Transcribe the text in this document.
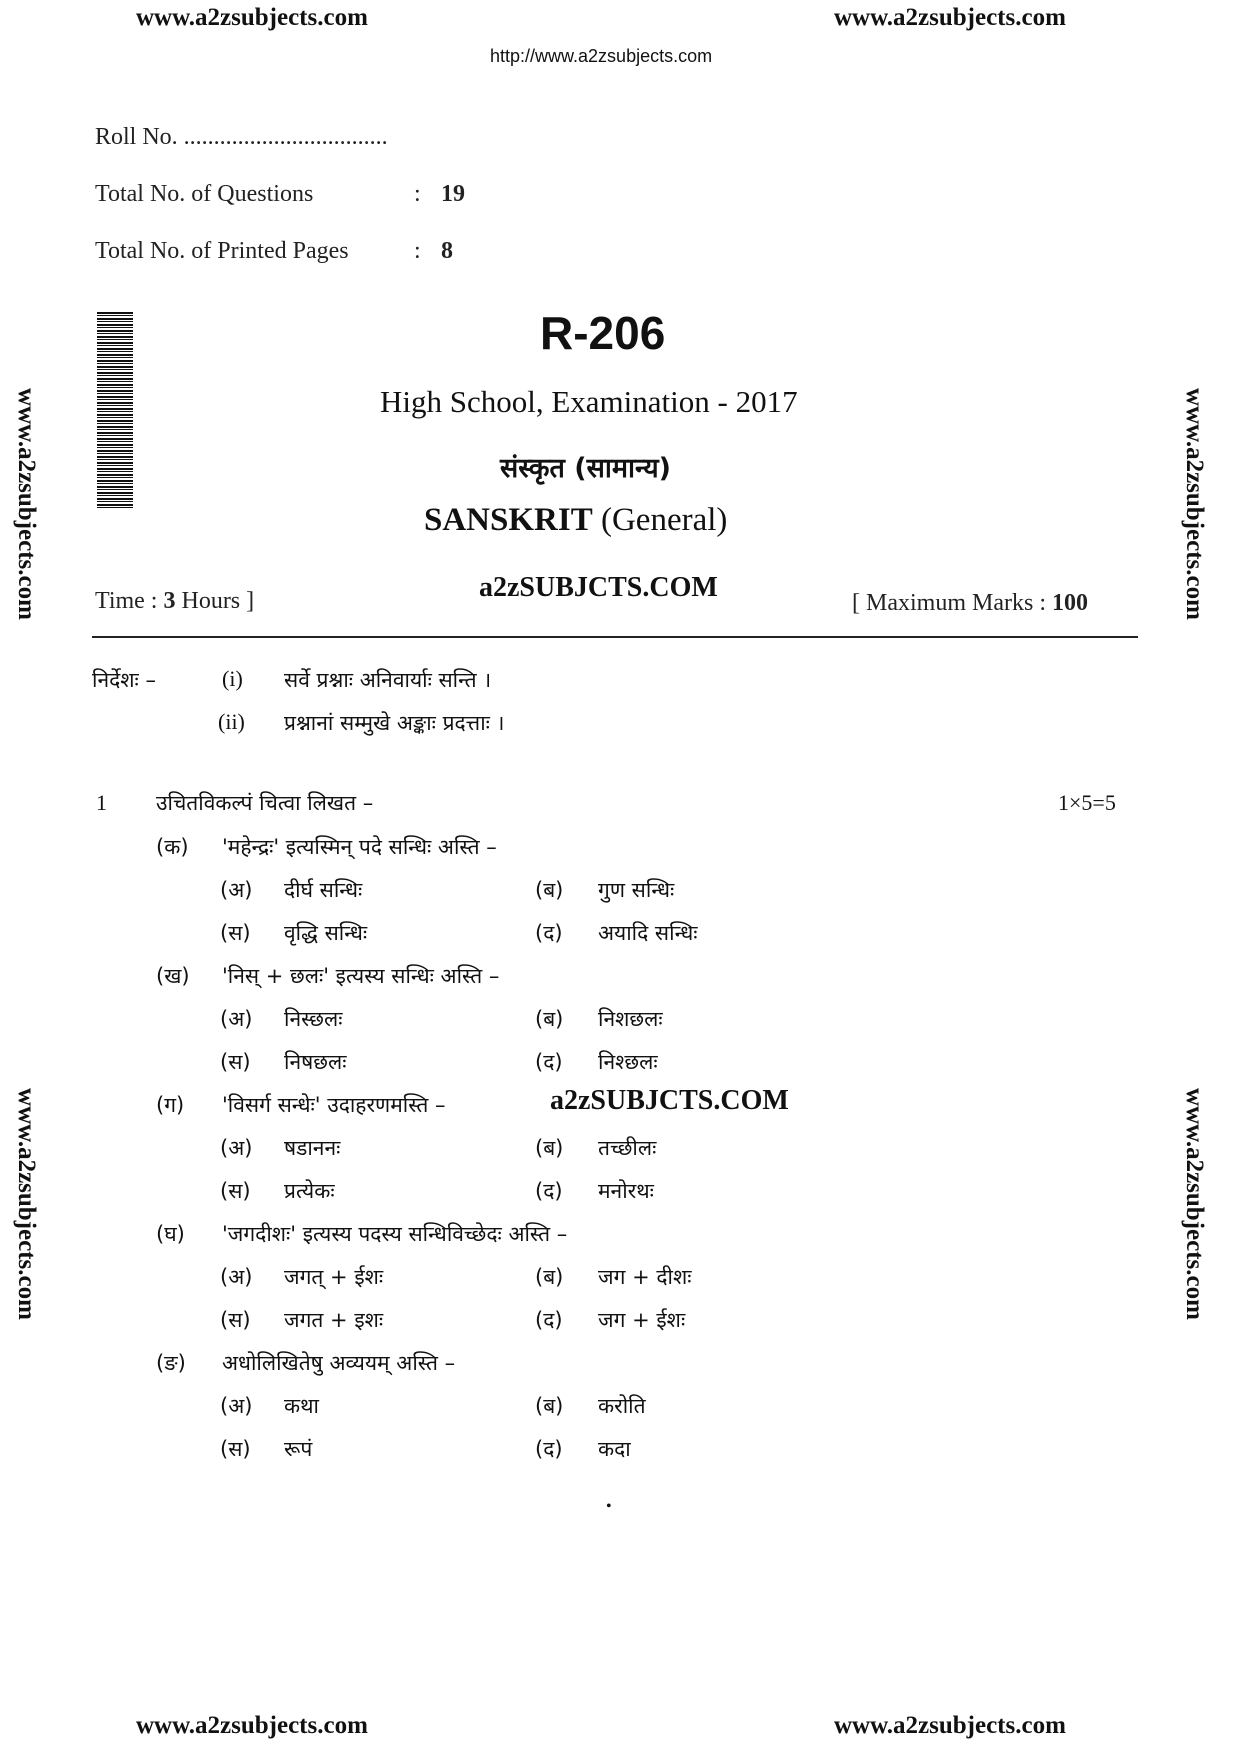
www.a2zsubjects.com	www.a2zsubjects.com
http://www.a2zsubjects.com
www.a2zsubjects.com
www.a2zsubjects.com
www.a2zsubjects.com
www.a2zsubjects.com
Roll No. ..................................
Total No. of Questions	: 19
Total No. of Printed Pages	: 8
R-206
High School, Examination - 2017
संस्कृत (सामान्य)
SANSKRIT (General)
Time : 3 Hours ]	a2zSUBJCTS.COM	[ Maximum Marks : 100
निर्देशः –	(i) सर्वे प्रश्नाः अनिवार्याः सन्ति ।
(ii) प्रश्नानां सम्मुखे अङ्काः प्रदत्ताः ।
1 उचितविकल्पं चित्वा लिखत –	1×5=5
(क) 'महेन्द्रः' इत्यस्मिन् पदे सन्धिः अस्ति –
(अ) दीर्घ सन्धिः	(ब) गुण सन्धिः
(स) वृद्धि सन्धिः	(द) अयादि सन्धिः
(ख) 'निस् + छलः' इत्यस्य सन्धिः अस्ति –
(अ) निस्छलः	(ब) निशछलः
(स) निषछलः	(द) निश्छलः
(ग) 'विसर्ग सन्धेः' उदाहरणमस्ति –	a2zSUBJCTS.COM
(अ) षडाननः	(ब) तच्छीलः
(स) प्रत्येकः	(द) मनोरथः
(घ) 'जगदीशः' इत्यस्य पदस्य सन्धिविच्छेदः अस्ति –
(अ) जगत् + ईशः	(ब) जग + दीशः
(स) जगत + इशः	(द) जग + ईशः
(ङ) अधोलिखितेषु अव्ययम् अस्ति –
(अ) कथा	(ब) करोति
(स) रूपं	(द) कदा
•
www.a2zsubjects.com	www.a2zsubjects.com
